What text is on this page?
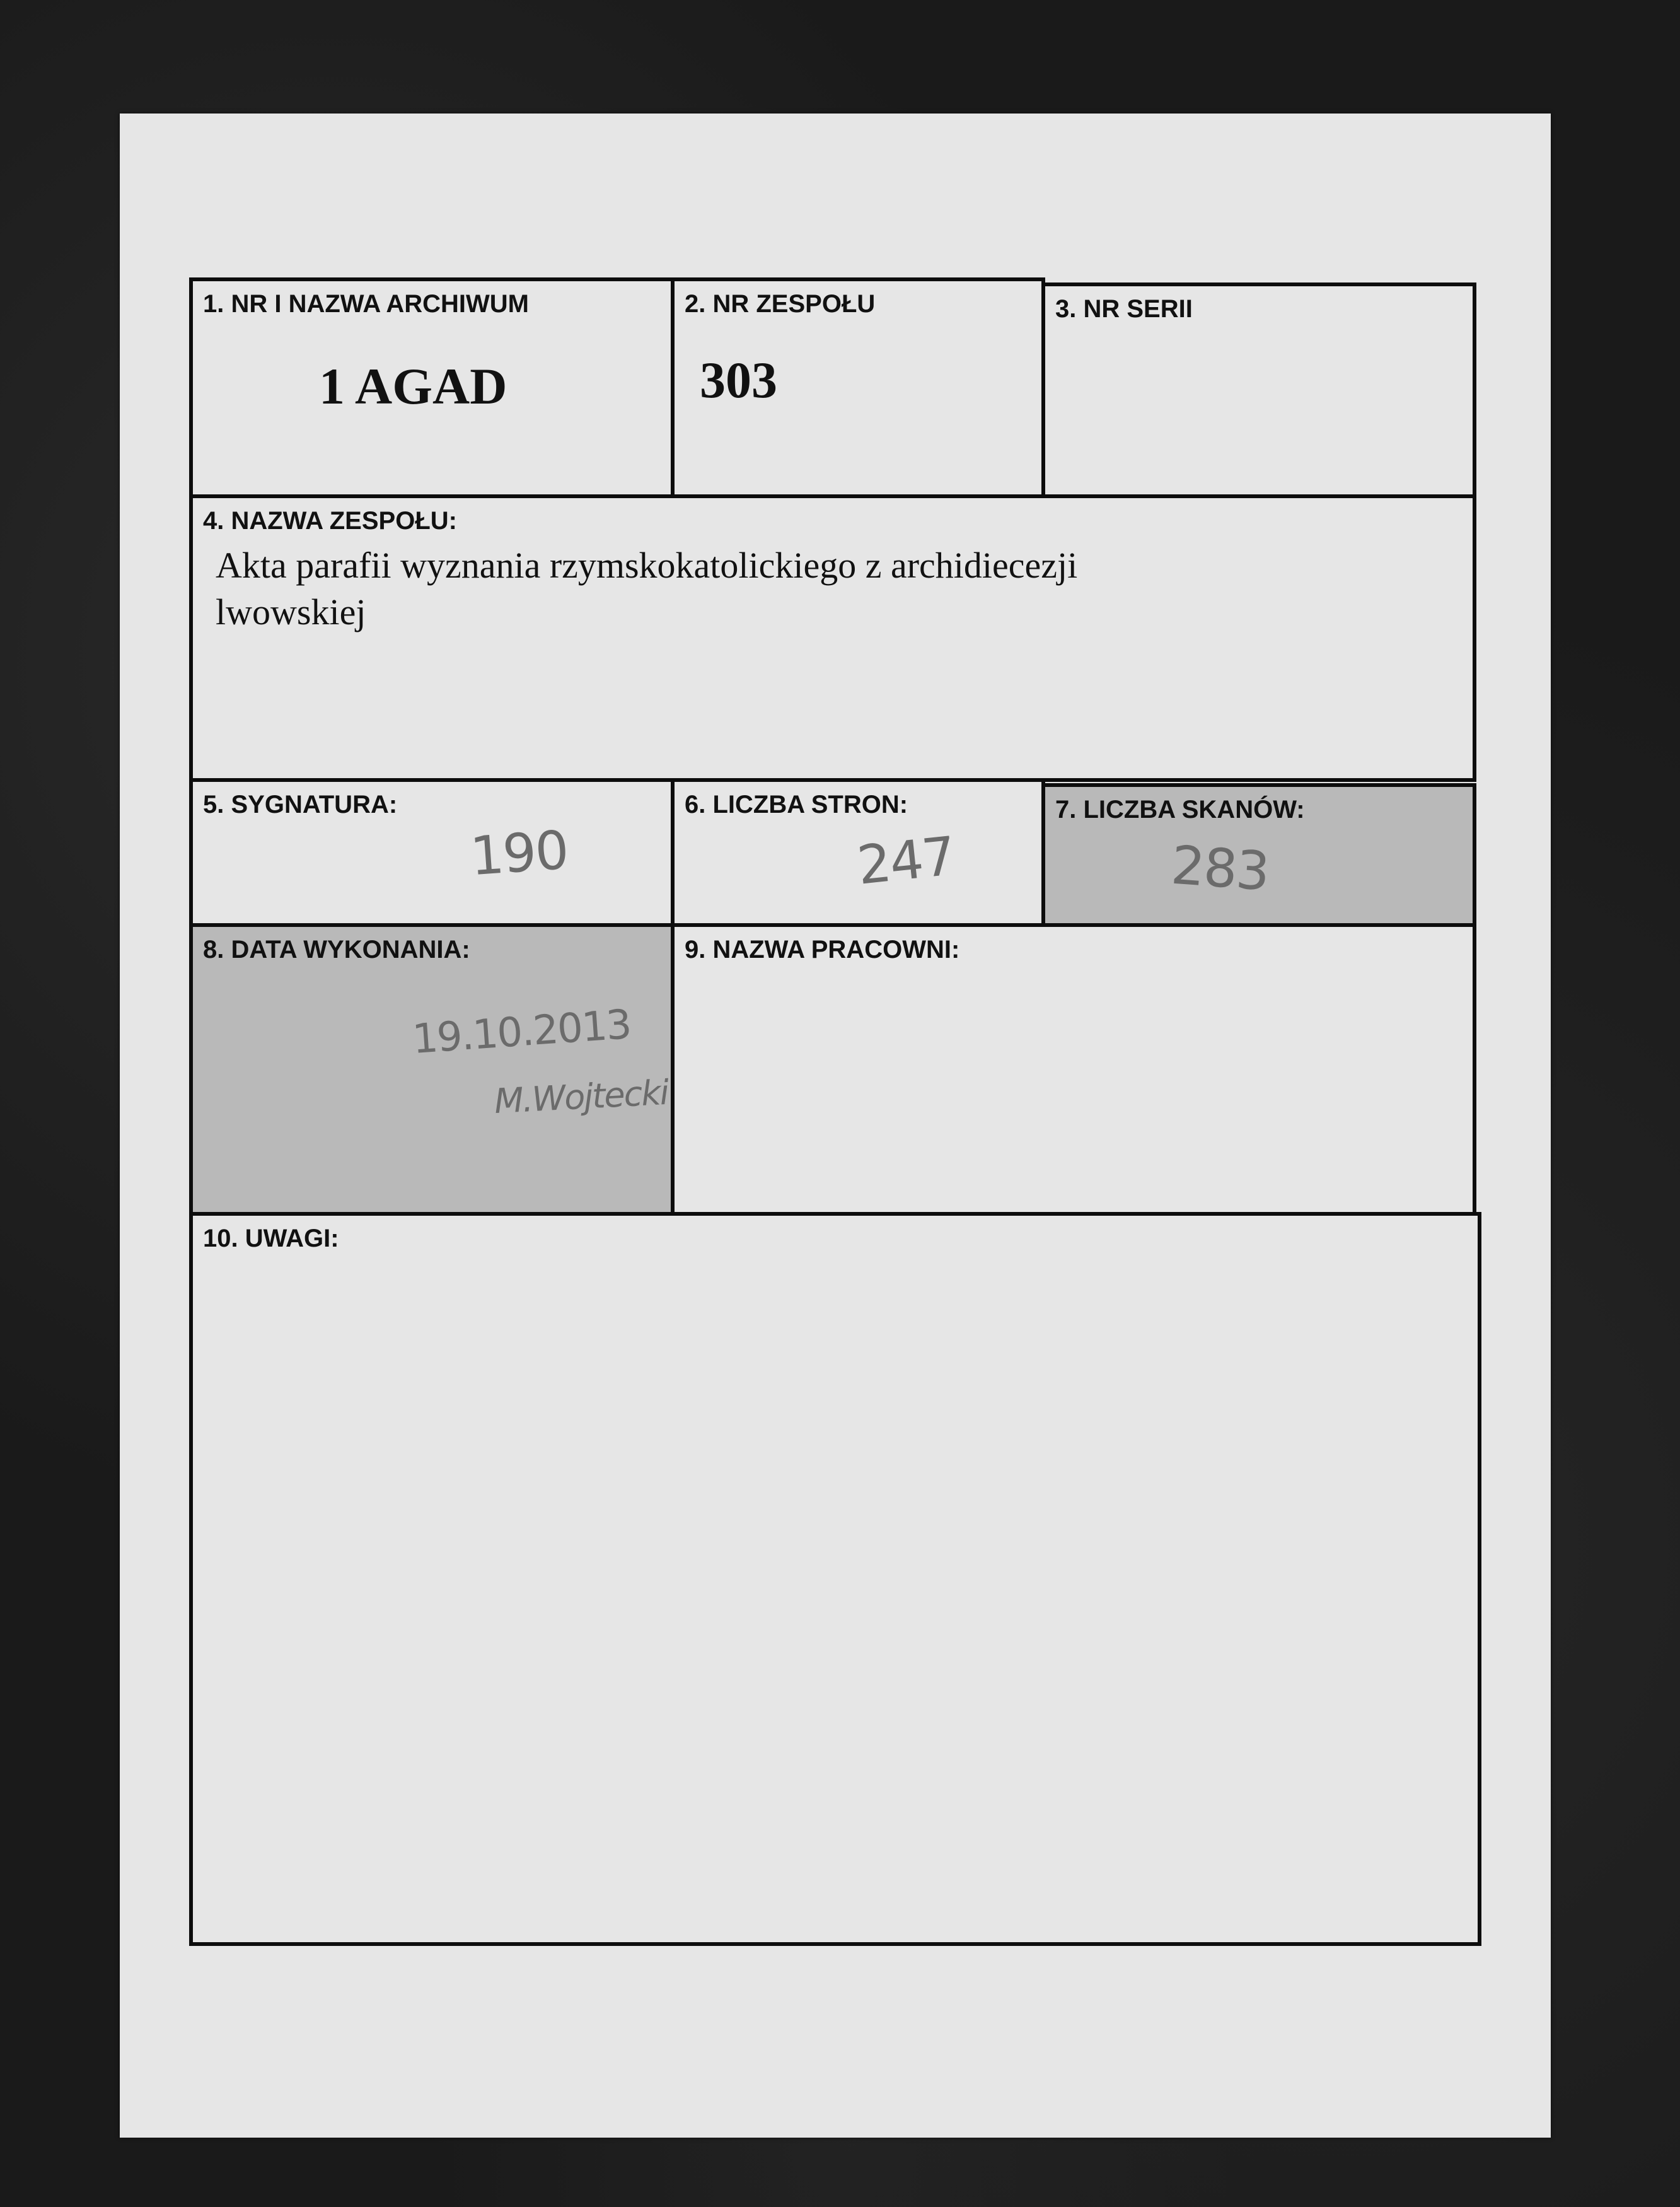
1. NR I NAZWA ARCHIWUM
1 AGAD
2. NR ZESPOŁU
303
3. NR SERII
4. NAZWA ZESPOŁU:
Akta parafii wyznania rzymskokatolickiego z archidiecezji lwowskiej
5. SYGNATURA:
190
6. LICZBA STRON:
247
7. LICZBA SKANÓW:
283
8. DATA WYKONANIA:
19.10.2013
M.Wojtecki
9. NAZWA PRACOWNI:
10. UWAGI:
